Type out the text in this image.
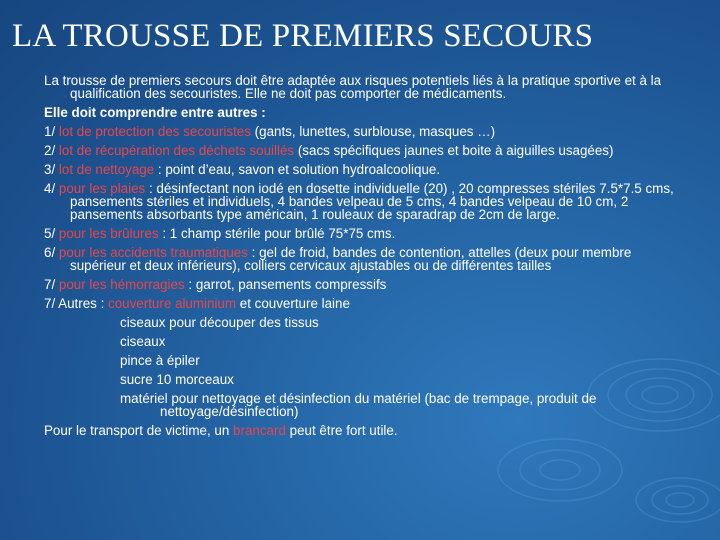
LA TROUSSE DE PREMIERS SECOURS

La trousse de premiers secours doit être adaptée aux risques potentiels liés à la pratique sportive et à la qualification des secouristes. Elle ne doit pas comporter de médicaments.

Elle doit comprendre entre autres :

1/ lot de protection des secouristes (gants, lunettes, surblouse, masques …)

2/ lot de récupération des déchets souillés (sacs spécifiques jaunes et boite à aiguilles usagées)

3/ lot de nettoyage : point d’eau, savon et solution hydroalcoolique.

4/ pour les plaies : désinfectant non iodé en dosette individuelle (20) , 20 compresses stériles 7.5*7.5 cms, pansements stériles et individuels, 4 bandes velpeau de 5 cms, 4 bandes velpeau de 10 cm, 2 pansements absorbants type américain, 1 rouleaux de sparadrap de 2cm de large.

5/ pour les brûlures : 1 champ stérile pour brûlé 75*75 cms.

6/ pour les accidents traumatiques : gel de froid, bandes de contention, attelles (deux pour membre supérieur et deux inférieurs), colliers cervicaux ajustables ou de différentes tailles

7/ pour les hémorragies : garrot, pansements compressifs

7/ Autres : couverture aluminium et couverture laine

ciseaux pour découper des tissus

ciseaux

pince à épiler

sucre 10 morceaux

matériel pour nettoyage et désinfection du matériel (bac de trempage, produit de nettoyage/désinfection)

Pour le transport de victime, un brancard peut être fort utile.
